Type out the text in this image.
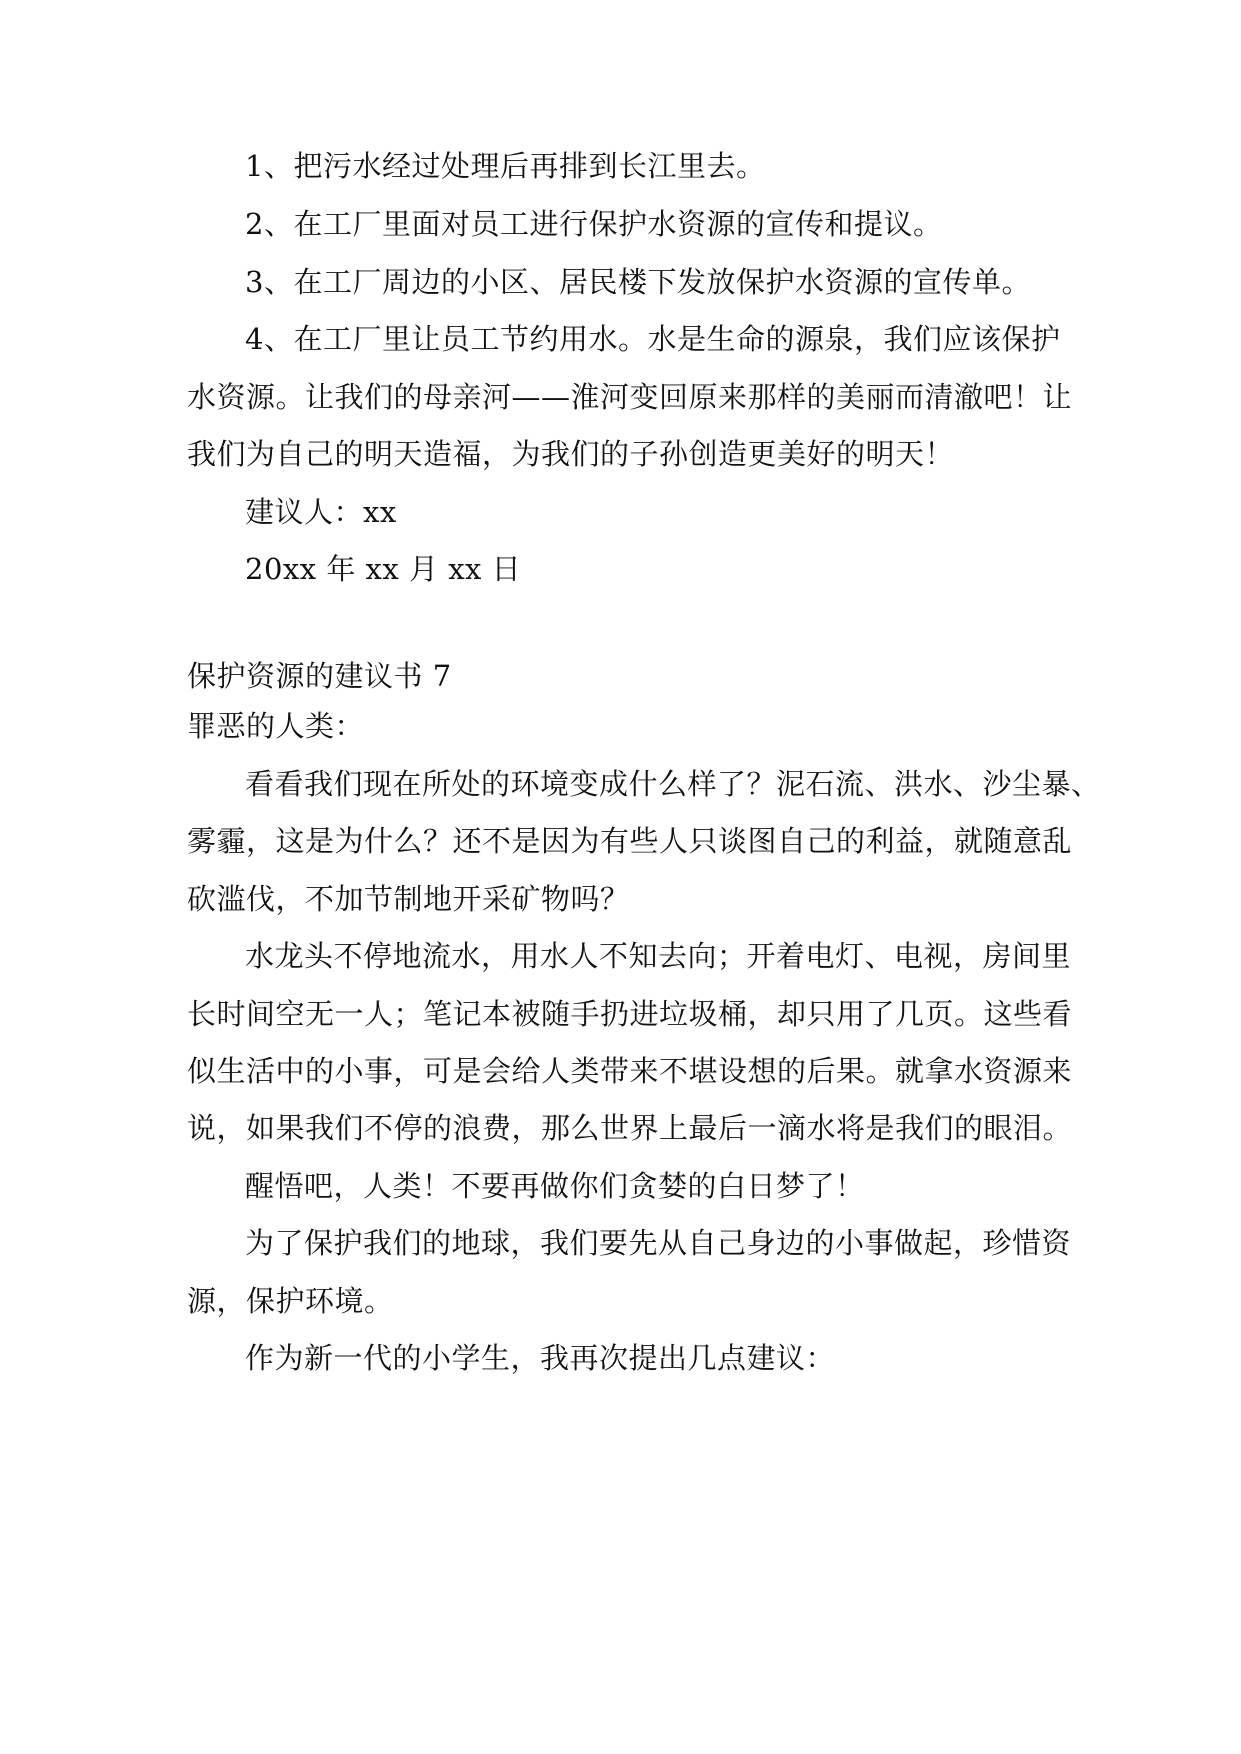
1、把污水经过处理后再排到长江里去。
2、在工厂里面对员工进行保护水资源的宣传和提议。
3、在工厂周边的小区、居民楼下发放保护水资源的宣传单。
4、在工厂里让员工节约用水。水是生命的源泉，我们应该保护
水资源。让我们的母亲河——淮河变回原来那样的美丽而清澈吧！让
我们为自己的明天造福，为我们的子孙创造更美好的明天！
建议人：xx
20xx 年 xx 月 xx 日
保护资源的建议书 7
罪恶的人类：
看看我们现在所处的环境变成什么样了？泥石流、洪水、沙尘暴、
雾霾，这是为什么？还不是因为有些人只谈图自己的利益，就随意乱
砍滥伐，不加节制地开采矿物吗？
水龙头不停地流水，用水人不知去向；开着电灯、电视，房间里
长时间空无一人；笔记本被随手扔进垃圾桶，却只用了几页。这些看
似生活中的小事，可是会给人类带来不堪设想的后果。就拿水资源来
说，如果我们不停的浪费，那么世界上最后一滴水将是我们的眼泪。
醒悟吧，人类！不要再做你们贪婪的白日梦了！
为了保护我们的地球，我们要先从自己身边的小事做起，珍惜资
源，保护环境。
作为新一代的小学生，我再次提出几点建议：
